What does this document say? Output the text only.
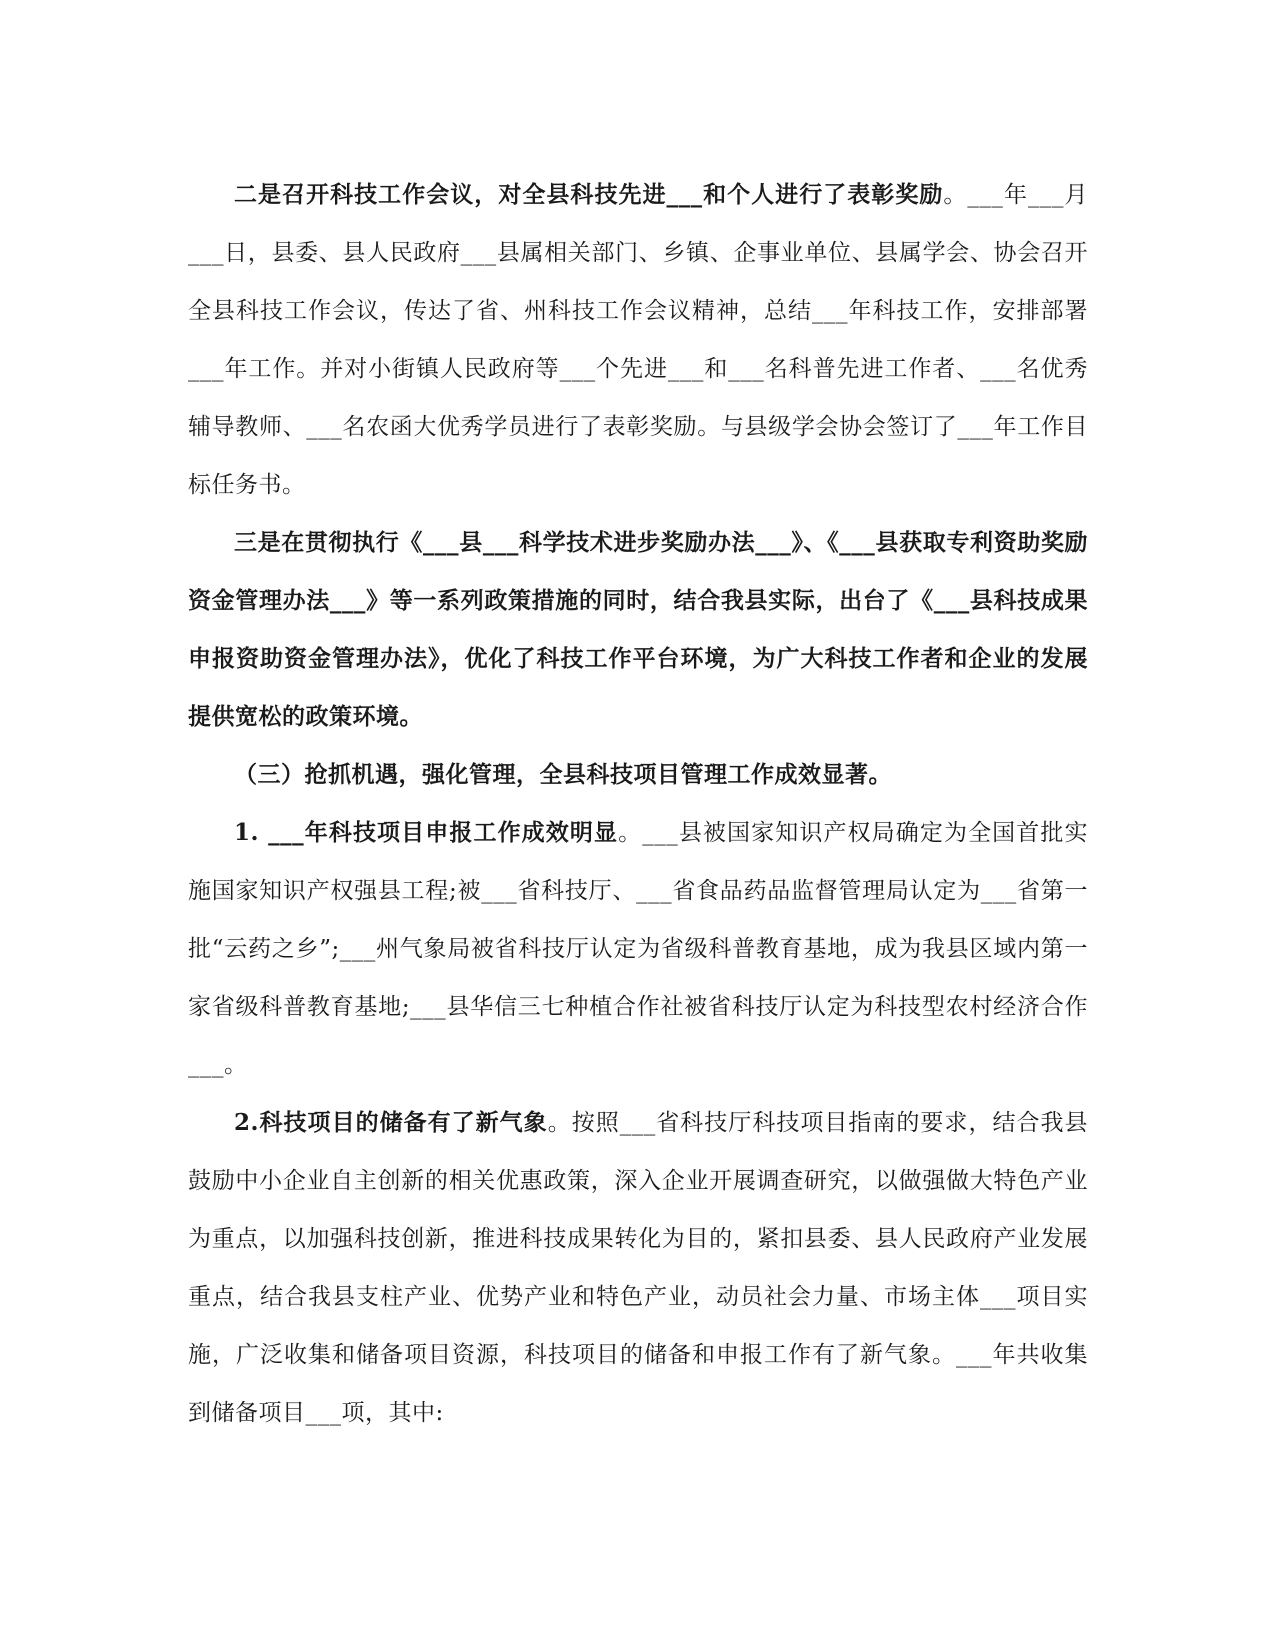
二是召开科技工作会议，对全县科技先进___和个人进行了表彰奖励。___年___月___日，县委、县人民政府___县属相关部门、乡镇、企事业单位、县属学会、协会召开全县科技工作会议，传达了省、州科技工作会议精神，总结___年科技工作，安排部署___年工作。并对小街镇人民政府等___个先进___和___名科普先进工作者、___名优秀辅导教师、___名农函大优秀学员进行了表彰奖励。与县级学会协会签订了___年工作目标任务书。

三是在贯彻执行《___县___科学技术进步奖励办法___》、《___县获取专利资助奖励资金管理办法___》等一系列政策措施的同时，结合我县实际，出台了《___县科技成果申报资助资金管理办法》，优化了科技工作平台环境，为广大科技工作者和企业的发展提供宽松的政策环境。

（三）抢抓机遇，强化管理，全县科技项目管理工作成效显著。

1. ___年科技项目申报工作成效明显。___县被国家知识产权局确定为全国首批实施国家知识产权强县工程;被___省科技厅、___省食品药品监督管理局认定为___省第一批“云药之乡”;___州气象局被省科技厅认定为省级科普教育基地，成为我县区域内第一家省级科普教育基地;___县华信三七种植合作社被省科技厅认定为科技型农村经济合作___。

2.科技项目的储备有了新气象。按照___省科技厅科技项目指南的要求，结合我县鼓励中小企业自主创新的相关优惠政策，深入企业开展调查研究，以做强做大特色产业为重点，以加强科技创新，推进科技成果转化为目的，紧扣县委、县人民政府产业发展重点，结合我县支柱产业、优势产业和特色产业，动员社会力量、市场主体___项目实施，广泛收集和储备项目资源，科技项目的储备和申报工作有了新气象。___年共收集到储备项目___项，其中:
